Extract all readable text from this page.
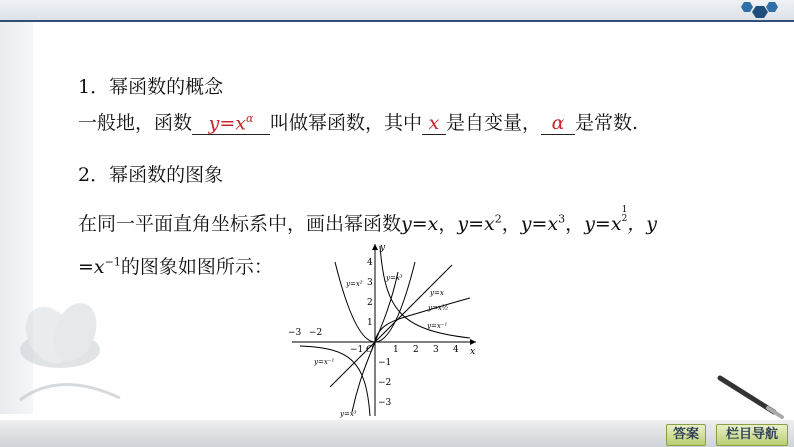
1．幂函数的概念
一般地，函数 $y=x^\alpha$ 叫做幂函数，其中 x 是自变量， α 是常数.
2．幂函数的图象
在同一平面直角坐标系中，画出幂函数y=x，$y=x^2$，$y=x^3$，y=x1
2，y
$=x^{-1}$的图象如图所示：
−3 −2
−1	1 2 3 4
4
3
2
1
−1
−2
−3
O	x
y
y=x²
y=x³
y=x
y=x½
y=x⁻¹
y=x⁻¹
y=x³
答案	栏目导航
